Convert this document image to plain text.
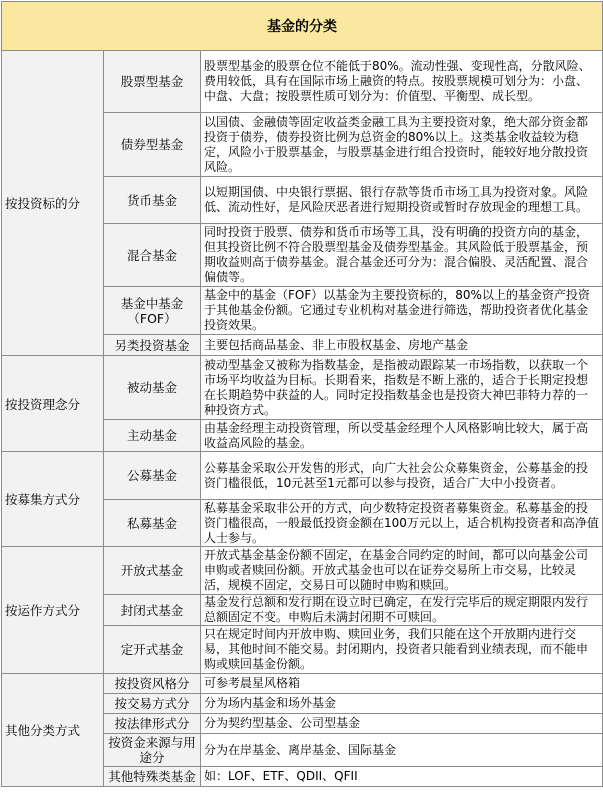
基金的分类		
按投资标的分	股票型基金	股票型基金的股票仓位不能低于80%。流动性强、变现性高，分散风险、费用较低，具有在国际市场上融资的特点。按股票规模可划分为：小盘、中盘、大盘；按股票性质可划分为：价值型、平衡型、成长型。
	债券型基金	以国债、金融债等固定收益类金融工具为主要投资对象，绝大部分资金都投资于债券，债券投资比例为总资金的80%以上。这类基金收益较为稳定，风险小于股票基金，与股票基金进行组合投资时，能较好地分散投资风险。
	货币基金	以短期国债、中央银行票据、银行存款等货币市场工具为投资对象。风险低、流动性好，是风险厌恶者进行短期投资或暂时存放现金的理想工具。
	混合基金	同时投资于股票、债券和货币市场等工具，没有明确的投资方向的基金，但其投资比例不符合股票型基金及债券型基金。其风险低于股票基金，预期收益则高于债券基金。混合基金还可分为：混合偏股、灵活配置、混合偏债等。
	基金中基金（FOF）	基金中的基金（FOF）以基金为主要投资标的，80%以上的基金资产投资于其他基金份额。它通过专业机构对基金进行筛选，帮助投资者优化基金投资效果。
	另类投资基金	主要包括商品基金、非上市股权基金、房地产基金
按投资理念分	被动基金	被动型基金又被称为指数基金，是指被动跟踪某一市场指数，以获取一个市场平均收益为目标。长期看来，指数是不断上涨的，适合于长期定投想在长期趋势中获益的人。同时定投指数基金也是投资大神巴菲特力荐的一种投资方式。
	主动基金	由基金经理主动投资管理，所以受基金经理个人风格影响比较大，属于高收益高风险的基金。
按募集方式分	公募基金	公募基金采取公开发售的形式，向广大社会公众募集资金，公募基金的投资门槛很低，10元甚至1元都可以参与投资，适合广大中小投资者。
	私募基金	私募基金采取非公开的方式，向少数特定投资者募集资金。私募基金的投资门槛很高，一般最低投资金额在100万元以上，适合机构投资者和高净值人士参与。
按运作方式分	开放式基金	开放式基金基金份额不固定，在基金合同约定的时间，都可以向基金公司申购或者赎回份额。开放式基金也可以在证券交易所上市交易，比较灵活，规模不固定，交易日可以随时申购和赎回。
	封闭式基金	基金发行总额和发行期在设立时已确定，在发行完毕后的规定期限内发行总额固定不变。申购后未满封闭期不可赎回。
	定开式基金	只在规定时间内开放申购、赎回业务，我们只能在这个开放期内进行交易，其他时间不能交易。封闭期内，投资者只能看到业绩表现，而不能申购或赎回基金份额。
其他分类方式	按投资风格分	可参考晨星风格箱
	按交易方式分	分为场内基金和场外基金
	按法律形式分	分为契约型基金、公司型基金
	按资金来源与用途分	分为在岸基金、离岸基金、国际基金
	其他特殊类基金	如：LOF、ETF、QDII、QFII
